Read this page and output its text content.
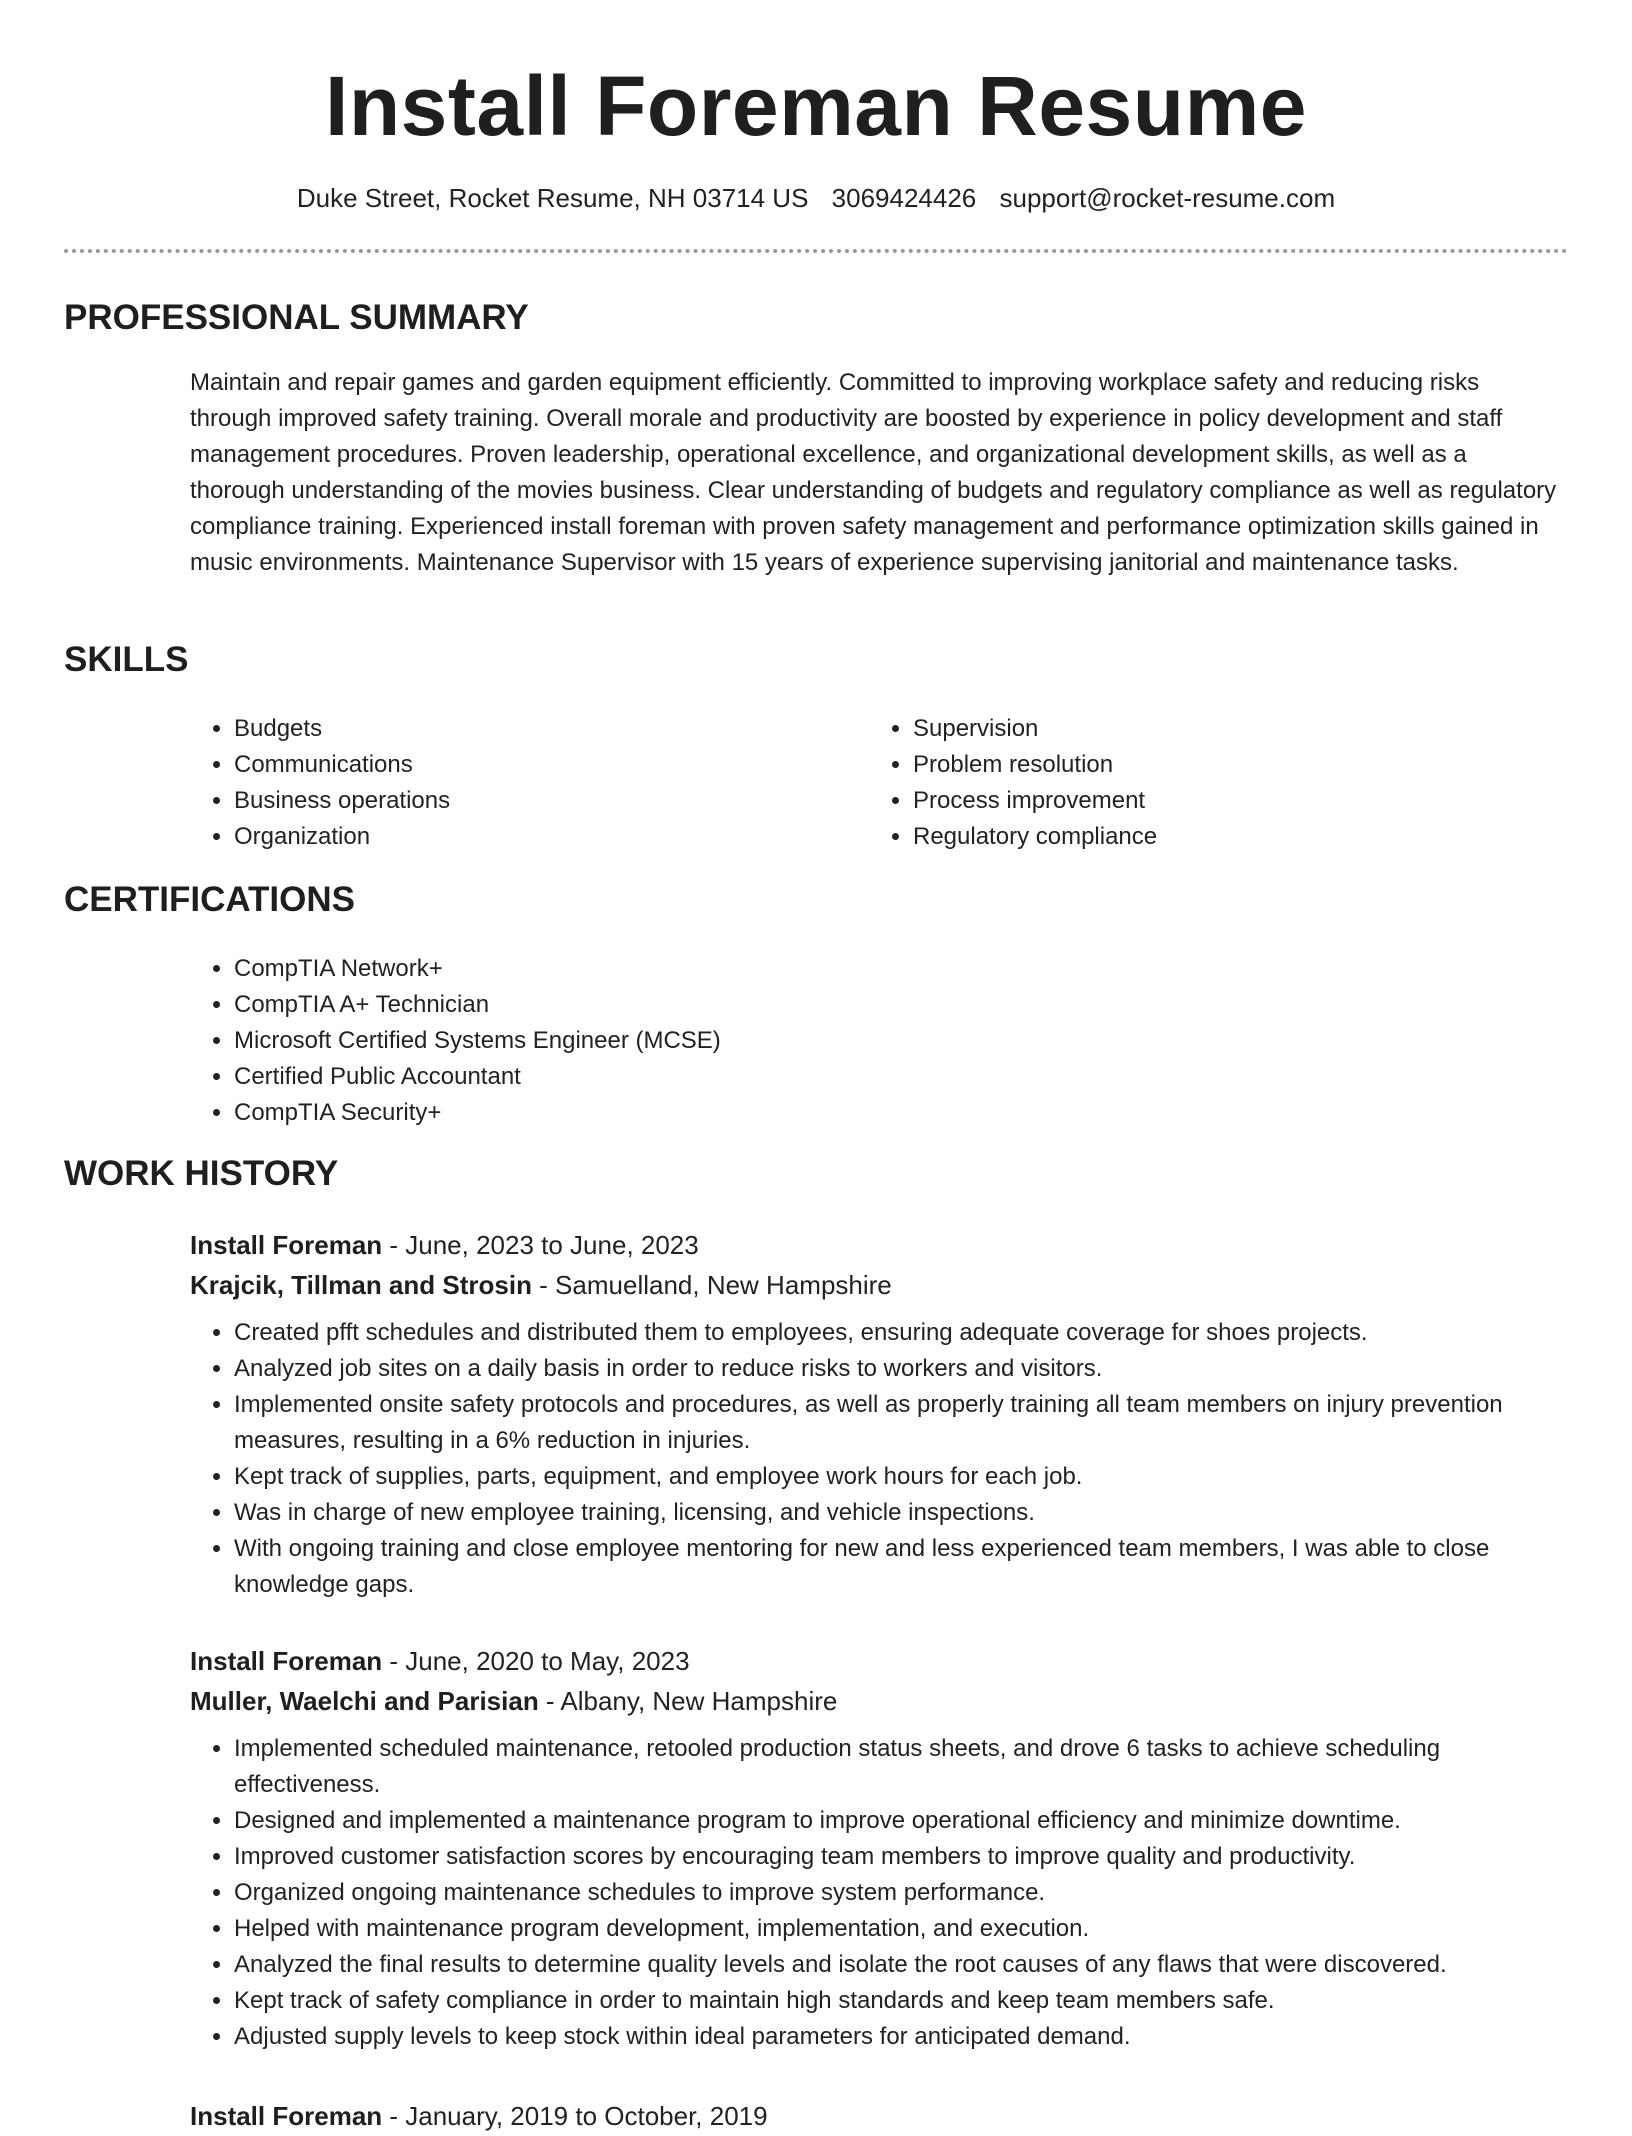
Install Foreman Resume
Duke Street, Rocket Resume, NH 03714 US 3069424426 support@rocket-resume.com
PROFESSIONAL SUMMARY

Maintain and repair games and garden equipment efficiently. Committed to improving workplace safety and reducing risks through improved safety training. Overall morale and productivity are boosted by experience in policy development and staff management procedures. Proven leadership, operational excellence, and organizational development skills, as well as a thorough understanding of the movies business. Clear understanding of budgets and regulatory compliance as well as regulatory compliance training. Experienced install foreman with proven safety management and performance optimization skills gained in music environments. Maintenance Supervisor with 15 years of experience supervising janitorial and maintenance tasks.

SKILLS
• Budgets
• Communications
• Business operations
• Organization
• Supervision
• Problem resolution
• Process improvement
• Regulatory compliance
CERTIFICATIONS
• CompTIA Network+
• CompTIA A+ Technician
• Microsoft Certified Systems Engineer (MCSE)
• Certified Public Accountant
• CompTIA Security+
WORK HISTORY
Install Foreman - June, 2023 to June, 2023
Krajcik, Tillman and Strosin - Samuelland, New Hampshire
• Created pfft schedules and distributed them to employees, ensuring adequate coverage for shoes projects.
• Analyzed job sites on a daily basis in order to reduce risks to workers and visitors.
• Implemented onsite safety protocols and procedures, as well as properly training all team members on injury prevention measures, resulting in a 6% reduction in injuries.
• Kept track of supplies, parts, equipment, and employee work hours for each job.
• Was in charge of new employee training, licensing, and vehicle inspections.
• With ongoing training and close employee mentoring for new and less experienced team members, I was able to close knowledge gaps.
Install Foreman - June, 2020 to May, 2023
Muller, Waelchi and Parisian - Albany, New Hampshire
• Implemented scheduled maintenance, retooled production status sheets, and drove 6 tasks to achieve scheduling effectiveness.
• Designed and implemented a maintenance program to improve operational efficiency and minimize downtime.
• Improved customer satisfaction scores by encouraging team members to improve quality and productivity.
• Organized ongoing maintenance schedules to improve system performance.
• Helped with maintenance program development, implementation, and execution.
• Analyzed the final results to determine quality levels and isolate the root causes of any flaws that were discovered.
• Kept track of safety compliance in order to maintain high standards and keep team members safe.
• Adjusted supply levels to keep stock within ideal parameters for anticipated demand.
Install Foreman - January, 2019 to October, 2019
